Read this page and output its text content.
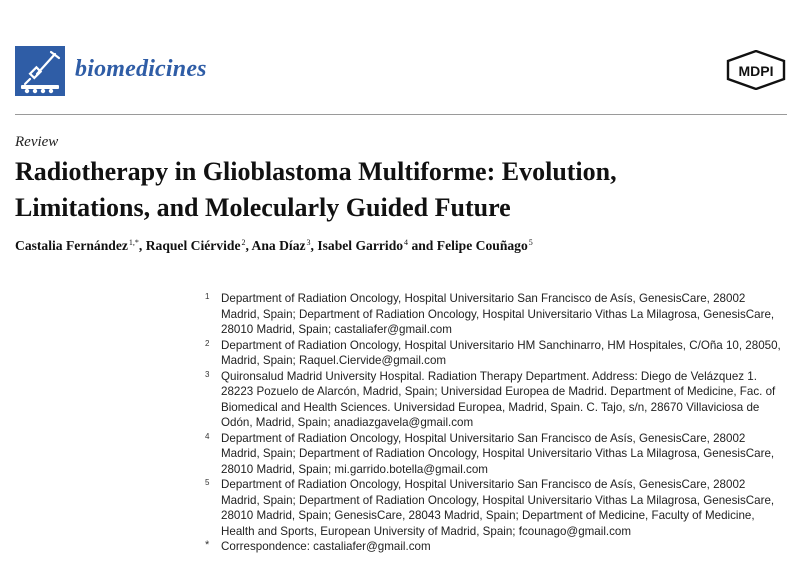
biomedicines	MDPI
Review
Radiotherapy in Glioblastoma Multiforme: Evolution, Limitations, and Molecularly Guided Future
Castalia Fernández$^{1,*}$, Raquel Ciérvide$^2$, Ana Díaz$^3$, Isabel Garrido$^4$ and Felipe Couñago$^5$
1 Department of Radiation Oncology, Hospital Universitario San Francisco de Asís, GenesisCare, 28002 Madrid, Spain; Department of Radiation Oncology, Hospital Universitario Vithas La Milagrosa, GenesisCare, 28010 Madrid, Spain; castaliafer@gmail.com
2 Department of Radiation Oncology, Hospital Universitario HM Sanchinarro, HM Hospitales, C/Oña 10, 28050, Madrid, Spain; Raquel.Ciervide@gmail.com
3 Quironsalud Madrid University Hospital. Radiation Therapy Department. Address: Diego de Velázquez 1. 28223 Pozuelo de Alarcón, Madrid, Spain; Universidad Europea de Madrid. Department of Medicine, Fac. of Biomedical and Health Sciences. Universidad Europea, Madrid, Spain. C. Tajo, s/n, 28670 Villaviciosa de Odón, Madrid, Spain; anadiazgavela@gmail.com
4 Department of Radiation Oncology, Hospital Universitario San Francisco de Asís, GenesisCare, 28002 Madrid, Spain; Department of Radiation Oncology, Hospital Universitario Vithas La Milagrosa, GenesisCare, 28010 Madrid, Spain; mi.garrido.botella@gmail.com
5 Department of Radiation Oncology, Hospital Universitario San Francisco de Asís, GenesisCare, 28002 Madrid, Spain; Department of Radiation Oncology, Hospital Universitario Vithas La Milagrosa, GenesisCare, 28010 Madrid, Spain; GenesisCare, 28043 Madrid, Spain; Department of Medicine, Faculty of Medicine, Health and Sports, European University of Madrid, Spain; fcounago@gmail.com
*	Correspondence: castaliafer@gmail.com
